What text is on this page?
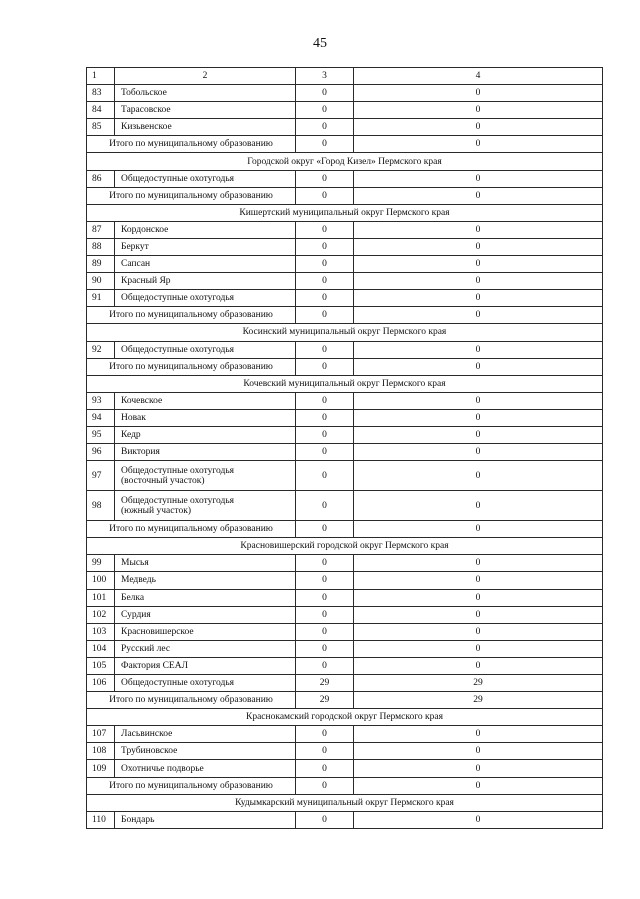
45
1	2	3	4
83	Тобольское	0	0
84	Тарасовское	0	0
85	Кизьвенское	0	0
Итого по муниципальному образованию		0	0
Городской округ «Город Кизел» Пермского края			
86	Общедоступные охотугодья	0	0
Итого по муниципальному образованию		0	0
Кишертский муниципальный округ Пермского края			
87	Кордонское	0	0
88	Беркут	0	0
89	Сапсан	0	0
90	Красный Яр	0	0
91	Общедоступные охотугодья	0	0
Итого по муниципальному образованию		0	0
Косинский муниципальный округ Пермского края			
92	Общедоступные охотугодья	0	0
Итого по муниципальному образованию		0	0
Кочевский муниципальный округ Пермского края			
93	Кочевское	0	0
94	Новак	0	0
95	Кедр	0	0
96	Виктория	0	0
97	Общедоступные охотугодья
(восточный участок)	0	0
98	Общедоступные охотугодья
(южный участок)	0	0
Итого по муниципальному образованию		0	0
Красновишерский городской округ Пермского края			
99	Мысья	0	0
100	Медведь	0	0
101	Белка	0	0
102	Сурдия	0	0
103	Красновишерское	0	0
104	Русский лес	0	0
105	Фактория СЕАЛ	0	0
106	Общедоступные охотугодья	29	29
Итого по муниципальному образованию		29	29
Краснокамский городской округ Пермского края			
107	Ласьвинское	0	0
108	Трубиновское	0	0
109	Охотничье подворье	0	0
Итого по муниципальному образованию		0	0
Кудымкарский муниципальный округ Пермского края			
110	Бондарь	0	0
